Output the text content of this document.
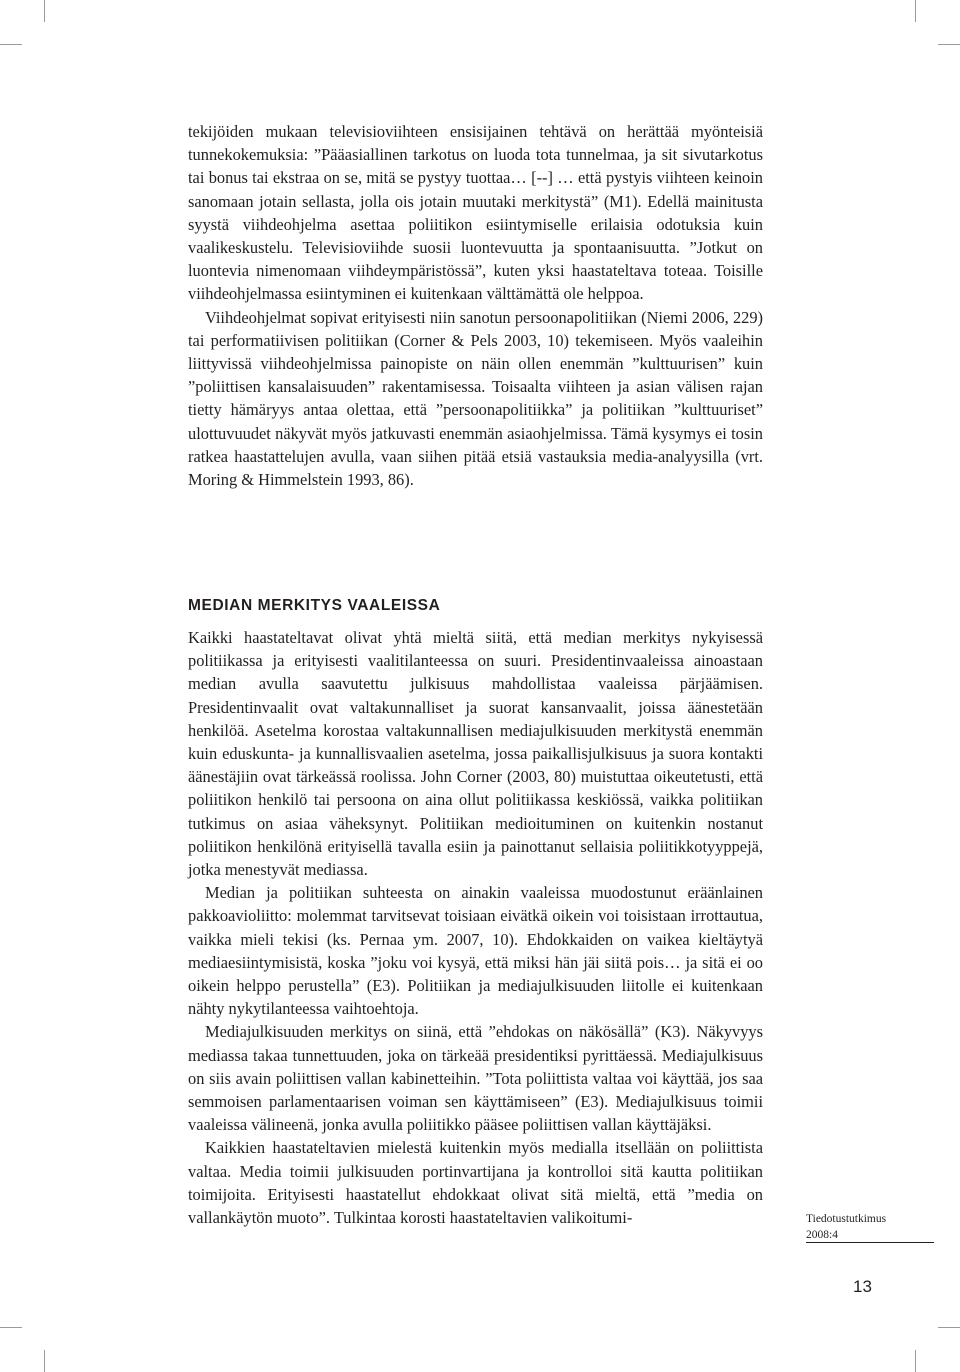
tekijöiden mukaan televisioviihteen ensisijainen tehtävä on herättää myönteisiä tunnekokemuksia: ”Pääasiallinen tarkotus on luoda tota tunnelmaa, ja sit sivutarkotus tai bonus tai ekstraa on se, mitä se pystyy tuottaa… [--] … että pystyis viihteen keinoin sanomaan jotain sellasta, jolla ois jotain muutaki merkitystä” (M1). Edellä mainitusta syystä viihdeohjelma asettaa poliitikon esiintymiselle erilaisia odotuksia kuin vaalikeskustelu. Televisioviihde suosii luontevuutta ja spontaanisuutta. ”Jotkut on luontevia nimenomaan viihdeympäristössä”, kuten yksi haastateltava toteaa. Toisille viihdeohjelmassa esiintyminen ei kuitenkaan välttämättä ole helppoa.

Viihdeohjelmat sopivat erityisesti niin sanotun persoonapolitiikan (Niemi 2006, 229) tai performatiivisen politiikan (Corner & Pels 2003, 10) tekemiseen. Myös vaaleihin liittyvissä viihdeohjelmissa painopiste on näin ollen enemmän ”kulttuurisen” kuin ”poliittisen kansalaisuuden” rakentamisessa. Toisaalta viihteen ja asian välisen rajan tietty hämäryys antaa olettaa, että ”persoonapolitiikka” ja politiikan ”kulttuuriset” ulottuvuudet näkyvät myös jatkuvasti enemmän asiaohjelmissa. Tämä kysymys ei tosin ratkea haastattelujen avulla, vaan siihen pitää etsiä vastauksia media-analyysilla (vrt. Moring & Himmelstein 1993, 86).

MEDIAN MERKITYS VAALEISSA

Kaikki haastateltavat olivat yhtä mieltä siitä, että median merkitys nykyisessä politiikassa ja erityisesti vaalitilanteessa on suuri. Presidentinvaaleissa ainoastaan median avulla saavutettu julkisuus mahdollistaa vaaleissa pärjäämisen. Presidentinvaalit ovat valtakunnalliset ja suorat kansanvaalit, joissa äänestetään henkilöä. Asetelma korostaa valtakunnallisen mediajulkisuuden merkitystä enemmän kuin eduskunta- ja kunnallisvaalien asetelma, jossa paikallisjulkisuus ja suora kontakti äänestäjiin ovat tärkeässä roolissa. John Corner (2003, 80) muistuttaa oikeutetusti, että poliitikon henkilö tai persoona on aina ollut politiikassa keskiössä, vaikka politiikan tutkimus on asiaa väheksynyt. Politiikan medioituminen on kuitenkin nostanut poliitikon henkilönä erityisellä tavalla esiin ja painottanut sellaisia poliitikkotyyppejä, jotka menestyvät mediassa.

Median ja politiikan suhteesta on ainakin vaaleissa muodostunut eräänlainen pakkoavioliitto: molemmat tarvitsevat toisiaan eivätkä oikein voi toisistaan irrottautua, vaikka mieli tekisi (ks. Pernaa ym. 2007, 10). Ehdokkaiden on vaikea kieltäytyä mediaesiintymisistä, koska ”joku voi kysyä, että miksi hän jäi siitä pois… ja sitä ei oo oikein helppo perustella” (E3). Politiikan ja mediajulkisuuden liitolle ei kuitenkaan nähty nykytilanteessa vaihtoehtoja.

Mediajulkisuuden merkitys on siinä, että ”ehdokas on näkösällä” (K3). Näkyvyys mediassa takaa tunnettuuden, joka on tärkeää presidentiksi pyrittäessä. Mediajulkisuus on siis avain poliittisen vallan kabinetteihin. ”Tota poliittista valtaa voi käyttää, jos saa semmoisen parlamentaarisen voiman sen käyttämiseen” (E3). Mediajulkisuus toimii vaaleissa välineenä, jonka avulla poliitikko pääsee poliittisen vallan käyttäjäksi.

Kaikkien haastateltavien mielestä kuitenkin myös medialla itsellään on poliittista valtaa. Media toimii julkisuuden portinvartijana ja kontrolloi sitä kautta politiikan toimijoita. Erityisesti haastatellut ehdokkaat olivat sitä mieltä, että ”media on vallankäytön muoto”. Tulkintaa korosti haastateltavien valikoitumi-	Tiedotustutkimus
2008:4
13
